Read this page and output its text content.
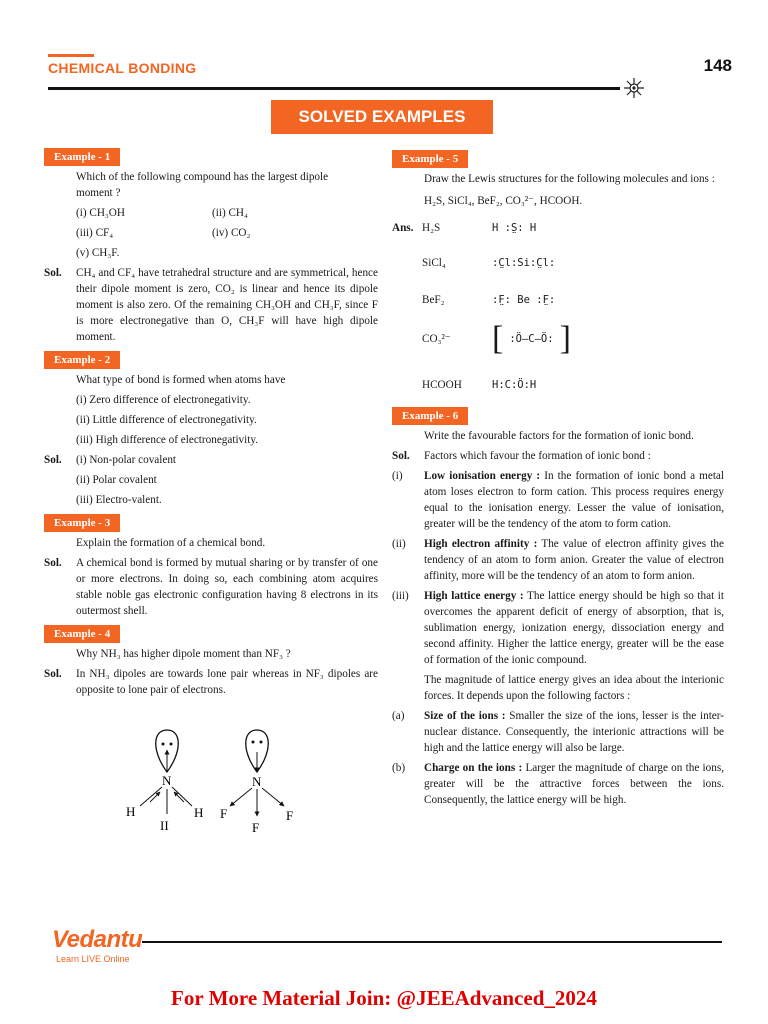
CHEMICAL BONDING	148
SOLVED EXAMPLES
Example - 1
Which of the following compound has the largest dipole moment ?
(i) CH₃OH	(ii) CH₄
(iii) CF₄	(iv) CO₂
(v) CH₃F.
Sol.	CH₄ and CF₄ have tetrahedral structure and are symmetrical, hence their dipole moment is zero, CO₂ is linear and hence its dipole moment is also zero. Of the remaining CH₃OH and CH₃F, since F is more electronegative than O, CH₃F will have high dipole moment.
Example - 2
What type of bond is formed when atoms have
(i) Zero difference of electronegativity.
(ii) Little difference of electronegativity.
(iii) High difference of electronegativity.
Sol.	(i) Non-polar covalent
(ii) Polar covalent
(iii) Electro-valent.
Example - 3
Explain the formation of a chemical bond.
Sol.	A chemical bond is formed by mutual sharing or by transfer of one or more electrons. In doing so, each combining atom acquires stable noble gas electronic configuration having 8 electrons in its outermost shell.
Example - 4
Why NH₃ has higher dipole moment than NF₃ ?
Sol.	In NH₃ dipoles are towards lone pair whereas in NF₃ dipoles are opposite to lone pair of electrons.
N
H	H
II
N
F	F
F
Example - 5
Draw the Lewis structures for the following molecules and ions :
H₂S, SiCl₄, BeF₂, CO₃²⁻, HCOOH.
Ans. H₂S	H :S̤: H
SiCl₄	:C̤l:Si:C̤l:
BeF₂	:F̤: Be :F̤:
CO₃²⁻	[ :Ö—C—Ö: ]
HCOOH	H:C:Ö:H
Example - 6
Write the favourable factors for the formation of ionic bond.
Sol.	Factors which favour the formation of ionic bond :
(i)	Low ionisation energy : In the formation of ionic bond a metal atom loses electron to form cation. This process requires energy equal to the ionisation energy. Lesser the value of ionisation, greater will be the tendency of the atom to form cation.
(ii)	High electron affinity : The value of electron affinity gives the tendency of an atom to form anion. Greater the value of electron affinity, more will be the tendency of an atom to form anion.
(iii)	High lattice energy : The lattice energy should be high so that it overcomes the apparent deficit of energy of absorption, that is, sublimation energy, ionization energy, dissociation energy and second affinity. Higher the lattice energy, greater will be the ease of formation of the ionic compound.
The magnitude of lattice energy gives an idea about the interionic forces. It depends upon the following factors :
(a)	Size of the ions : Smaller the size of the ions, lesser is the inter-nuclear distance. Consequently, the interionic attractions will be high and the lattice energy will also be large.
(b)	Charge on the ions : Larger the magnitude of charge on the ions, greater will be the attractive forces between the ions. Consequently, the lattice energy will be high.
Vedantu
Learn LIVE Online
For More Material Join: @JEEAdvanced_2024
